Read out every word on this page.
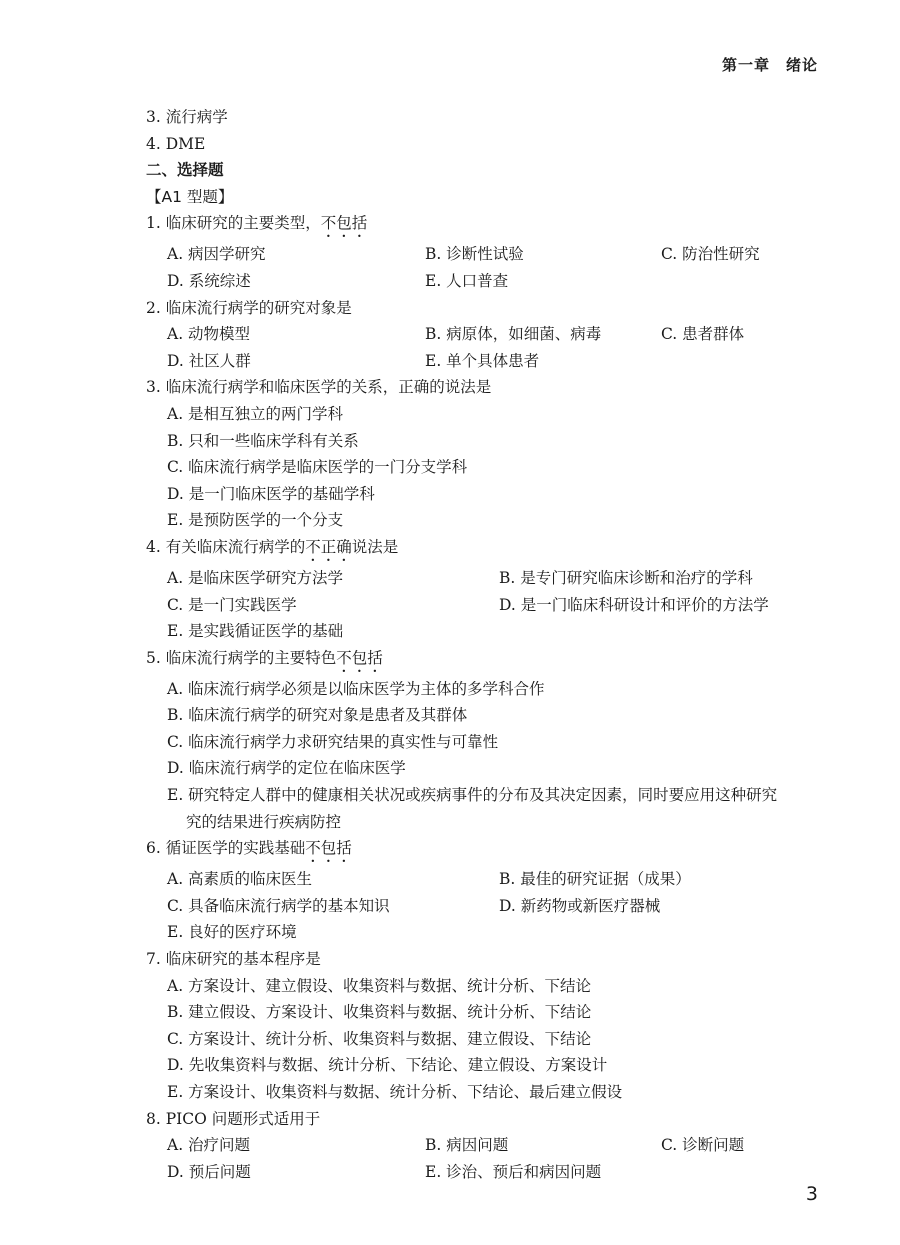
第一章　绪论
3. 流行病学
4. DME
二、选择题
【A1 型题】
1. 临床研究的主要类型，不包括
A. 病因学研究	B. 诊断性试验	C. 防治性研究
D. 系统综述	E. 人口普查
2. 临床流行病学的研究对象是
A. 动物模型	B. 病原体，如细菌、病毒	C. 患者群体
D. 社区人群	E. 单个具体患者
3. 临床流行病学和临床医学的关系，正确的说法是
A. 是相互独立的两门学科
B. 只和一些临床学科有关系
C. 临床流行病学是临床医学的一门分支学科
D. 是一门临床医学的基础学科
E. 是预防医学的一个分支
4. 有关临床流行病学的不正确说法是
A. 是临床医学研究方法学	B. 是专门研究临床诊断和治疗的学科
C. 是一门实践医学	D. 是一门临床科研设计和评价的方法学
E. 是实践循证医学的基础
5. 临床流行病学的主要特色不包括
A. 临床流行病学必须是以临床医学为主体的多学科合作
B. 临床流行病学的研究对象是患者及其群体
C. 临床流行病学力求研究结果的真实性与可靠性
D. 临床流行病学的定位在临床医学
E. 研究特定人群中的健康相关状况或疾病事件的分布及其决定因素，同时要应用这种研究
究的结果进行疾病防控
6. 循证医学的实践基础不包括
A. 高素质的临床医生	B. 最佳的研究证据（成果）
C. 具备临床流行病学的基本知识	D. 新药物或新医疗器械
E. 良好的医疗环境
7. 临床研究的基本程序是
A. 方案设计、建立假设、收集资料与数据、统计分析、下结论
B. 建立假设、方案设计、收集资料与数据、统计分析、下结论
C. 方案设计、统计分析、收集资料与数据、建立假设、下结论
D. 先收集资料与数据、统计分析、下结论、建立假设、方案设计
E. 方案设计、收集资料与数据、统计分析、下结论、最后建立假设
8. PICO 问题形式适用于
A. 治疗问题	B. 病因问题	C. 诊断问题
D. 预后问题	E. 诊治、预后和病因问题
3
